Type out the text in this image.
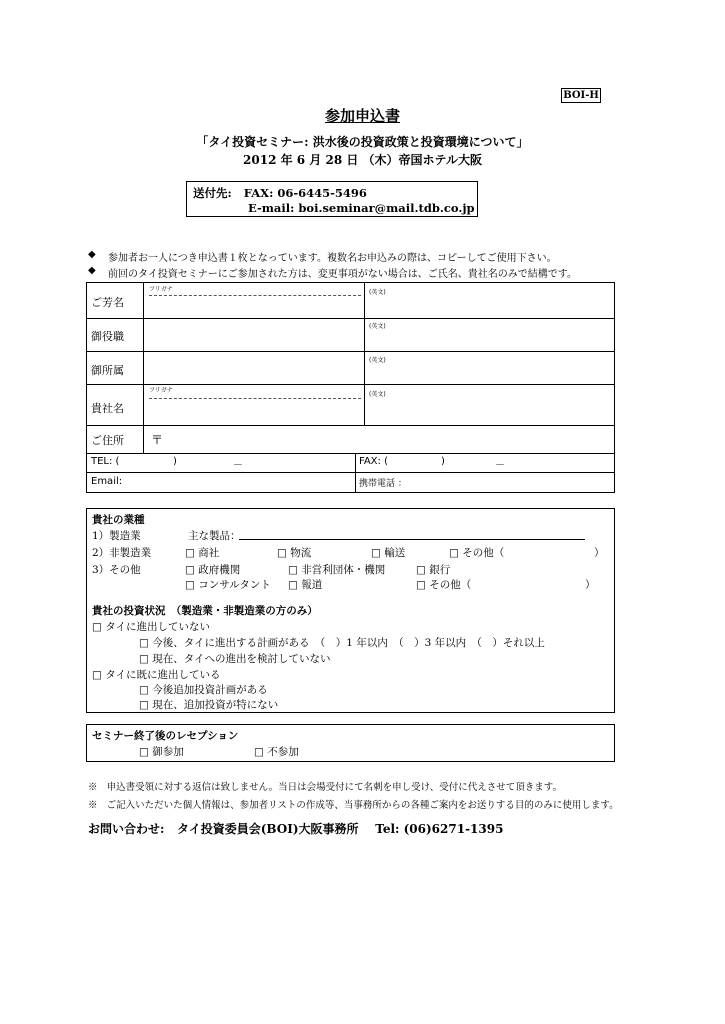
BOI-H
参加申込書
「タイ投資セミナー: 洪水後の投資政策と投資環境について」
2012 年 6 月 28 日 （木）帝国ホテル大阪
送付先: FAX: 06-6445-5496
E-mail: boi.seminar@mail.tdb.co.jp
◆ 参加者お一人につき申込書１枚となっています。複数名お申込みの際は、コピーしてご使用下さい。
◆ 前回のタイ投資セミナーにご参加された方は、変更事項がない場合は、ご氏名、貴社名のみで結構です。
ご芳名
フリガナ	(英文)
御役職
(英文)
御所属
(英文)
貴社名
フリガナ
(英文)
ご住所 〒
TEL: (	)	－	FAX: (	)	－
Email:	携帯電話 ：
貴社の業種
1）製造業	主な製品：
2）非製造業	□ 商社	□ 物流	□ 輸送	□ その他（	）
3）その他	□ 政府機関	□ 非営利団体・機関	□ 銀行
□ コンサルタント □ 報道	□ その他（	）
貴社の投資状況　（製造業・非製造業の方のみ）
□ タイに進出していない
□ 今後、タイに進出する計画がある　（　）1 年以内　（　）3 年以内　（　）それ以上
□ 現在、タイへの進出を検討していない
□ タイに既に進出している
□ 今後追加投資計画がある
□ 現在、追加投資が特にない
セミナー終了後のレセプション
□ 御参加	□ 不参加
※ 申込書受領に対する返信は致しません。当日は会場受付にて名刺を申し受け、受付に代えさせて頂きます。
※ ご記入いただいた個人情報は、参加者リストの作成等、当事務所からの各種ご案内をお送りする目的のみに使用します。
お問い合わせ: タイ投資委員会(BOI)大阪事務所 Tel: (06)6271-1395
